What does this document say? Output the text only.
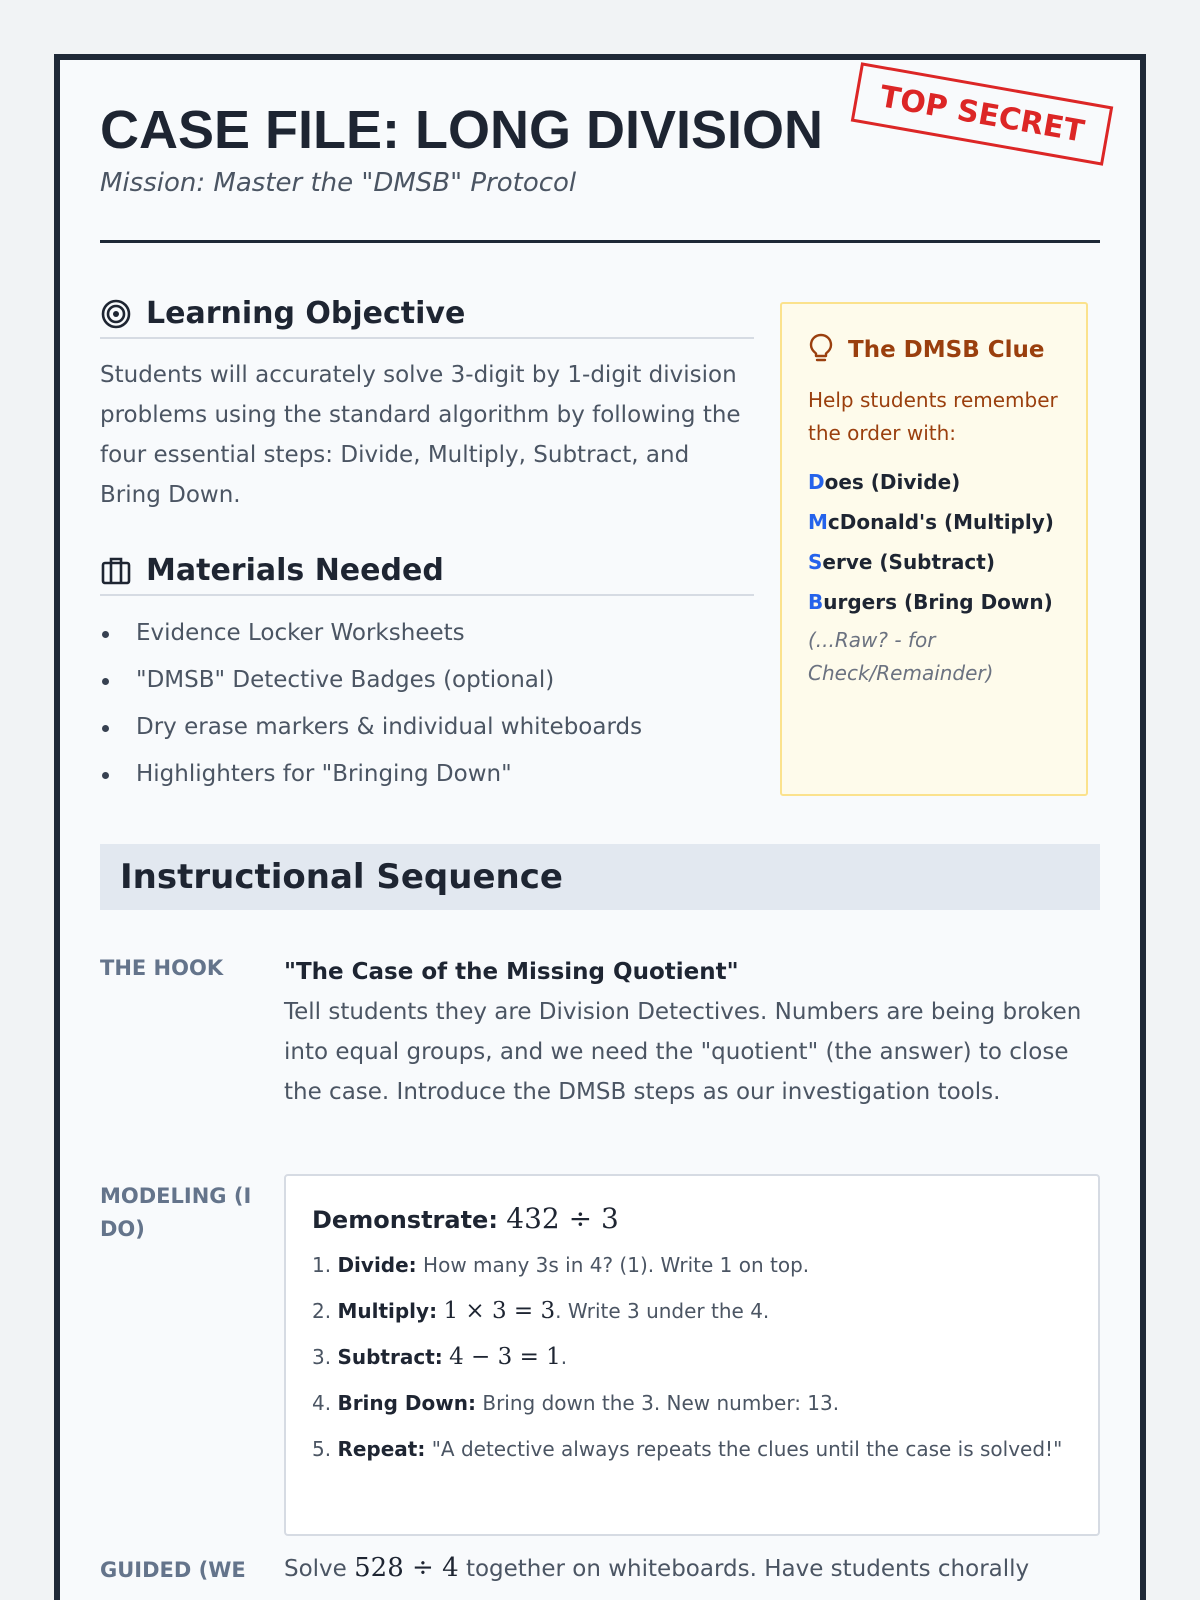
CASE FILE: LONG DIVISION
Mission: Master the "DMSB" Protocol
TOP SECRET
Learning Objective

Students will accurately solve 3-digit by 1-digit division problems using the standard algorithm by following the four essential steps: Divide, Multiply, Subtract, and Bring Down.

Materials Needed
Evidence Locker Worksheets
"DMSB" Detective Badges (optional)
Dry erase markers & individual whiteboards
Highlighters for "Bringing Down"
The DMSB Clue

Help students remember the order with:

Does (Divide)
McDonald's (Multiply)
Serve (Subtract)
Burgers (Bring Down)

(...Raw? - for Check/Remainder)

Instructional Sequence
THE HOOK	"The Case of the Missing Quotient"
Tell students they are Division Detectives. Numbers are being broken into equal groups, and we need the "quotient" (the answer) to close the case. Introduce the DMSB steps as our investigation tools.
MODELING (I DO)	Demonstrate: 432 ÷ 3
1. Divide: How many 3s in 4? (1). Write 1 on top.
2. Multiply: 1 × 3 = 3. Write 3 under the 4.
3. Subtract: 4 − 3 = 1.
4. Bring Down: Bring down the 3. New number: 13.
5. Repeat: "A detective always repeats the clues until the case is solved!"
GUIDED (WE	Solve 528 ÷ 4 together on whiteboards. Have students chorally
